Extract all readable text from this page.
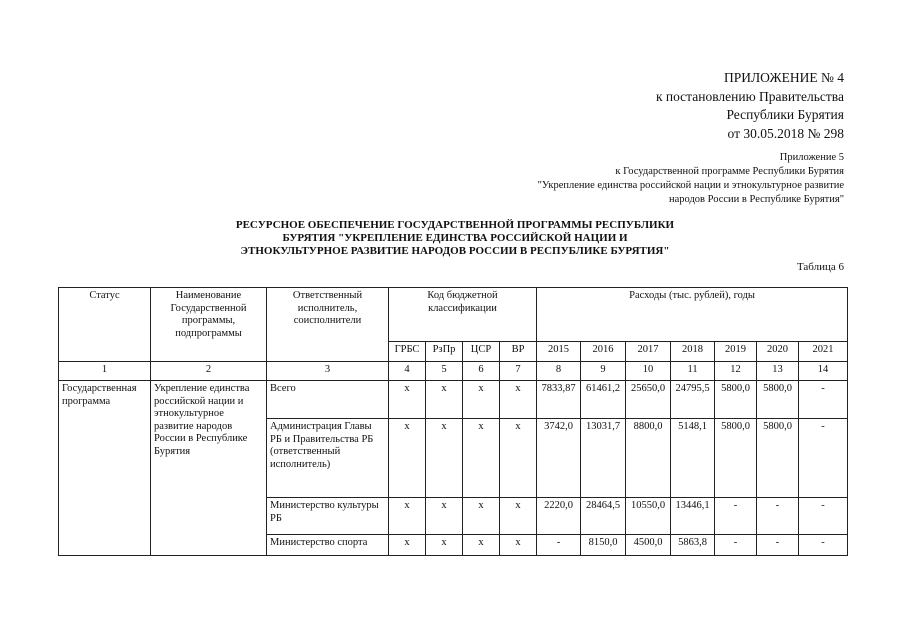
ПРИЛОЖЕНИЕ № 4
к постановлению Правительства
Республики Бурятия
от 30.05.2018 № 298
Приложение 5
к Государственной программе Республики Бурятия
"Укрепление единства российской нации и этнокультурное развитие
народов России в Республике Бурятия"
РЕСУРСНОЕ ОБЕСПЕЧЕНИЕ ГОСУДАРСТВЕННОЙ ПРОГРАММЫ РЕСПУБЛИКИ
БУРЯТИЯ "УКРЕПЛЕНИЕ ЕДИНСТВА РОССИЙСКОЙ НАЦИИ И
ЭТНОКУЛЬТУРНОЕ РАЗВИТИЕ НАРОДОВ РОССИИ В РЕСПУБЛИКЕ БУРЯТИЯ"
Таблица 6
Статус	Наименование Государственной программы, подпрограммы	Ответственный исполнитель, соисполнители	Код бюджетной классификации				Расходы (тыс. рублей), годы						
			ГРБС	РзПр	ЦСР	ВР	2015	2016	2017	2018	2019	2020	2021
1	2	3	4	5	6	7	8	9	10	11	12	13	14
Государственная программа	Укрепление единства российской нации и этнокультурное развитие народов России в Республике Бурятия	Всего	х	х	х	х	7833,87	61461,2	25650,0	24795,5	5800,0	5800,0	-
		Администрация Главы РБ и Правительства РБ (ответственный исполнитель)	х	х	х	х	3742,0	13031,7	8800,0	5148,1	5800,0	5800,0	-
		Министерство культуры РБ	х	х	х	х	2220,0	28464,5	10550,0	13446,1	-	-	-
		Министерство спорта	х	х	х	х	-	8150,0	4500,0	5863,8	-	-	-
